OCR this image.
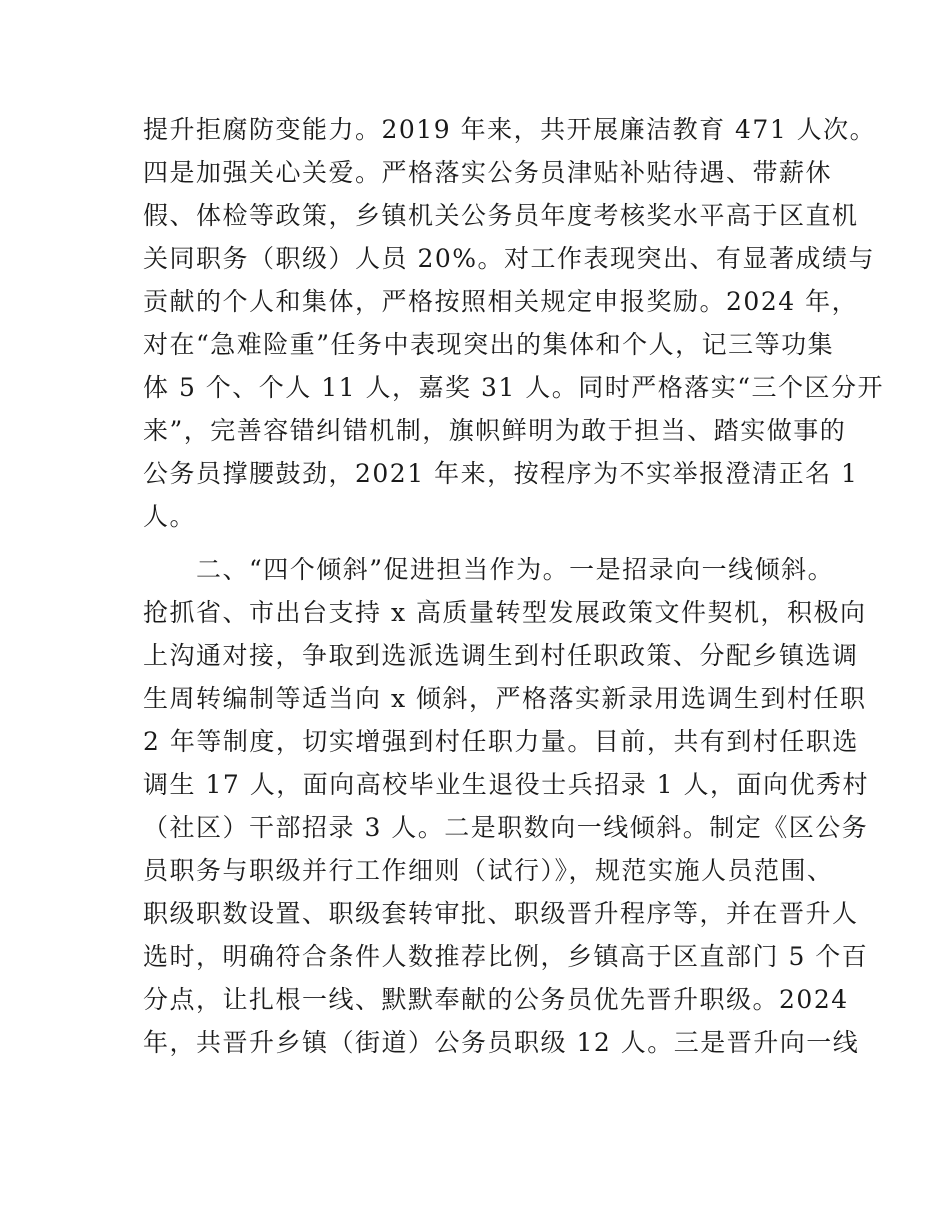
提升拒腐防变能力。2019 年来，共开展廉洁教育 471 人次。
四是加强关心关爱。严格落实公务员津贴补贴待遇、带薪休
假、体检等政策，乡镇机关公务员年度考核奖水平高于区直机
关同职务（职级）人员 20%。对工作表现突出、有显著成绩与
贡献的个人和集体，严格按照相关规定申报奖励。2024 年，
对在“急难险重”任务中表现突出的集体和个人，记三等功集
体 5 个、个人 11 人，嘉奖 31 人。同时严格落实“三个区分开
来”，完善容错纠错机制，旗帜鲜明为敢于担当、踏实做事的
公务员撑腰鼓劲，2021 年来，按程序为不实举报澄清正名 1
人。
　　二、“四个倾斜”促进担当作为。一是招录向一线倾斜。
抢抓省、市出台支持 x 高质量转型发展政策文件契机，积极向
上沟通对接，争取到选派选调生到村任职政策、分配乡镇选调
生周转编制等适当向 x 倾斜，严格落实新录用选调生到村任职
2 年等制度，切实增强到村任职力量。目前，共有到村任职选
调生 17 人，面向高校毕业生退役士兵招录 1 人，面向优秀村
（社区）干部招录 3 人。二是职数向一线倾斜。制定《区公务
员职务与职级并行工作细则（试行）》，规范实施人员范围、
职级职数设置、职级套转审批、职级晋升程序等，并在晋升人
选时，明确符合条件人数推荐比例，乡镇高于区直部门 5 个百
分点，让扎根一线、默默奉献的公务员优先晋升职级。2024
年，共晋升乡镇（街道）公务员职级 12 人。三是晋升向一线
